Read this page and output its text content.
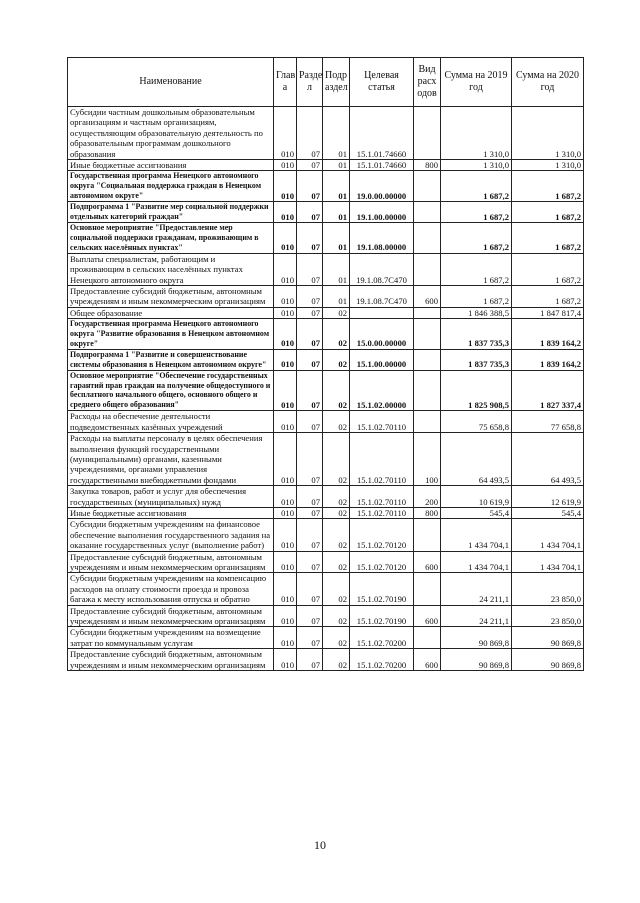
Наименование	Глав а	Разде л	Подр аздел	Целевая статья	Вид расх одов	Сумма на 2019 год	Сумма на 2020 год
Субсидии частным дошкольным образовательным организациям и частным организациям, осуществляющим образовательную деятельность по образовательным программам дошкольного образования	010	07	01	15.1.01.74660		1 310,0	1 310,0
Иные бюджетные ассигнования	010	07	01	15.1.01.74660	800	1 310,0	1 310,0
Государственная программа Ненецкого автономного округа "Социальная поддержка граждан в Ненецком автономном округе"	010	07	01	19.0.00.00000		1 687,2	1 687,2
Подпрограмма 1 "Развитие мер социальной поддержки отдельных категорий граждан"	010	07	01	19.1.00.00000		1 687,2	1 687,2
Основное мероприятие "Предоставление мер социальной поддержки гражданам, проживающим в сельских населённых пунктах"	010	07	01	19.1.08.00000		1 687,2	1 687,2
Выплаты специалистам, работающим и проживающим в сельских населённых пунктах Ненецкого автономного округа	010	07	01	19.1.08.7С470		1 687,2	1 687,2
Предоставление субсидий бюджетным, автономным учреждениям и иным некоммерческим организациям	010	07	01	19.1.08.7С470	600	1 687,2	1 687,2
Общее образование	010	07	02			1 846 388,5	1 847 817,4
Государственная программа Ненецкого автономного округа "Развитие образования в Ненецком автономном округе"	010	07	02	15.0.00.00000		1 837 735,3	1 839 164,2
Подпрограмма 1 "Развитие и совершенствование системы образования в Ненецком автономном округе"	010	07	02	15.1.00.00000		1 837 735,3	1 839 164,2
Основное мероприятие "Обеспечение государственных гарантий прав граждан на получение общедоступного и бесплатного начального общего, основного общего и среднего общего образования"	010	07	02	15.1.02.00000		1 825 908,5	1 827 337,4
Расходы на обеспечение деятельности подведомственных казённых учреждений	010	07	02	15.1.02.70110		75 658,8	77 658,8
Расходы на выплаты персоналу в целях обеспечения выполнения функций государственными (муниципальными) органами, казенными учреждениями, органами управления государственными внебюджетными фондами	010	07	02	15.1.02.70110	100	64 493,5	64 493,5
Закупка товаров, работ и услуг для обеспечения государственных (муниципальных) нужд	010	07	02	15.1.02.70110	200	10 619,9	12 619,9
Иные бюджетные ассигнования	010	07	02	15.1.02.70110	800	545,4	545,4
Субсидии бюджетным учреждениям на финансовое обеспечение выполнения государственного задания на оказание государственных услуг (выполнение работ)	010	07	02	15.1.02.70120		1 434 704,1	1 434 704,1
Предоставление субсидий бюджетным, автономным учреждениям и иным некоммерческим организациям	010	07	02	15.1.02.70120	600	1 434 704,1	1 434 704,1
Субсидии бюджетным учреждениям на компенсацию расходов на оплату стоимости проезда и провоза багажа к месту использования отпуска и обратно	010	07	02	15.1.02.70190		24 211,1	23 850,0
Предоставление субсидий бюджетным, автономным учреждениям и иным некоммерческим организациям	010	07	02	15.1.02.70190	600	24 211,1	23 850,0
Субсидии бюджетным учреждениям на возмещение затрат по коммунальным услугам	010	07	02	15.1.02.70200		90 869,8	90 869,8
Предоставление субсидий бюджетным, автономным учреждениям и иным некоммерческим организациям	010	07	02	15.1.02.70200	600	90 869,8	90 869,8
10
